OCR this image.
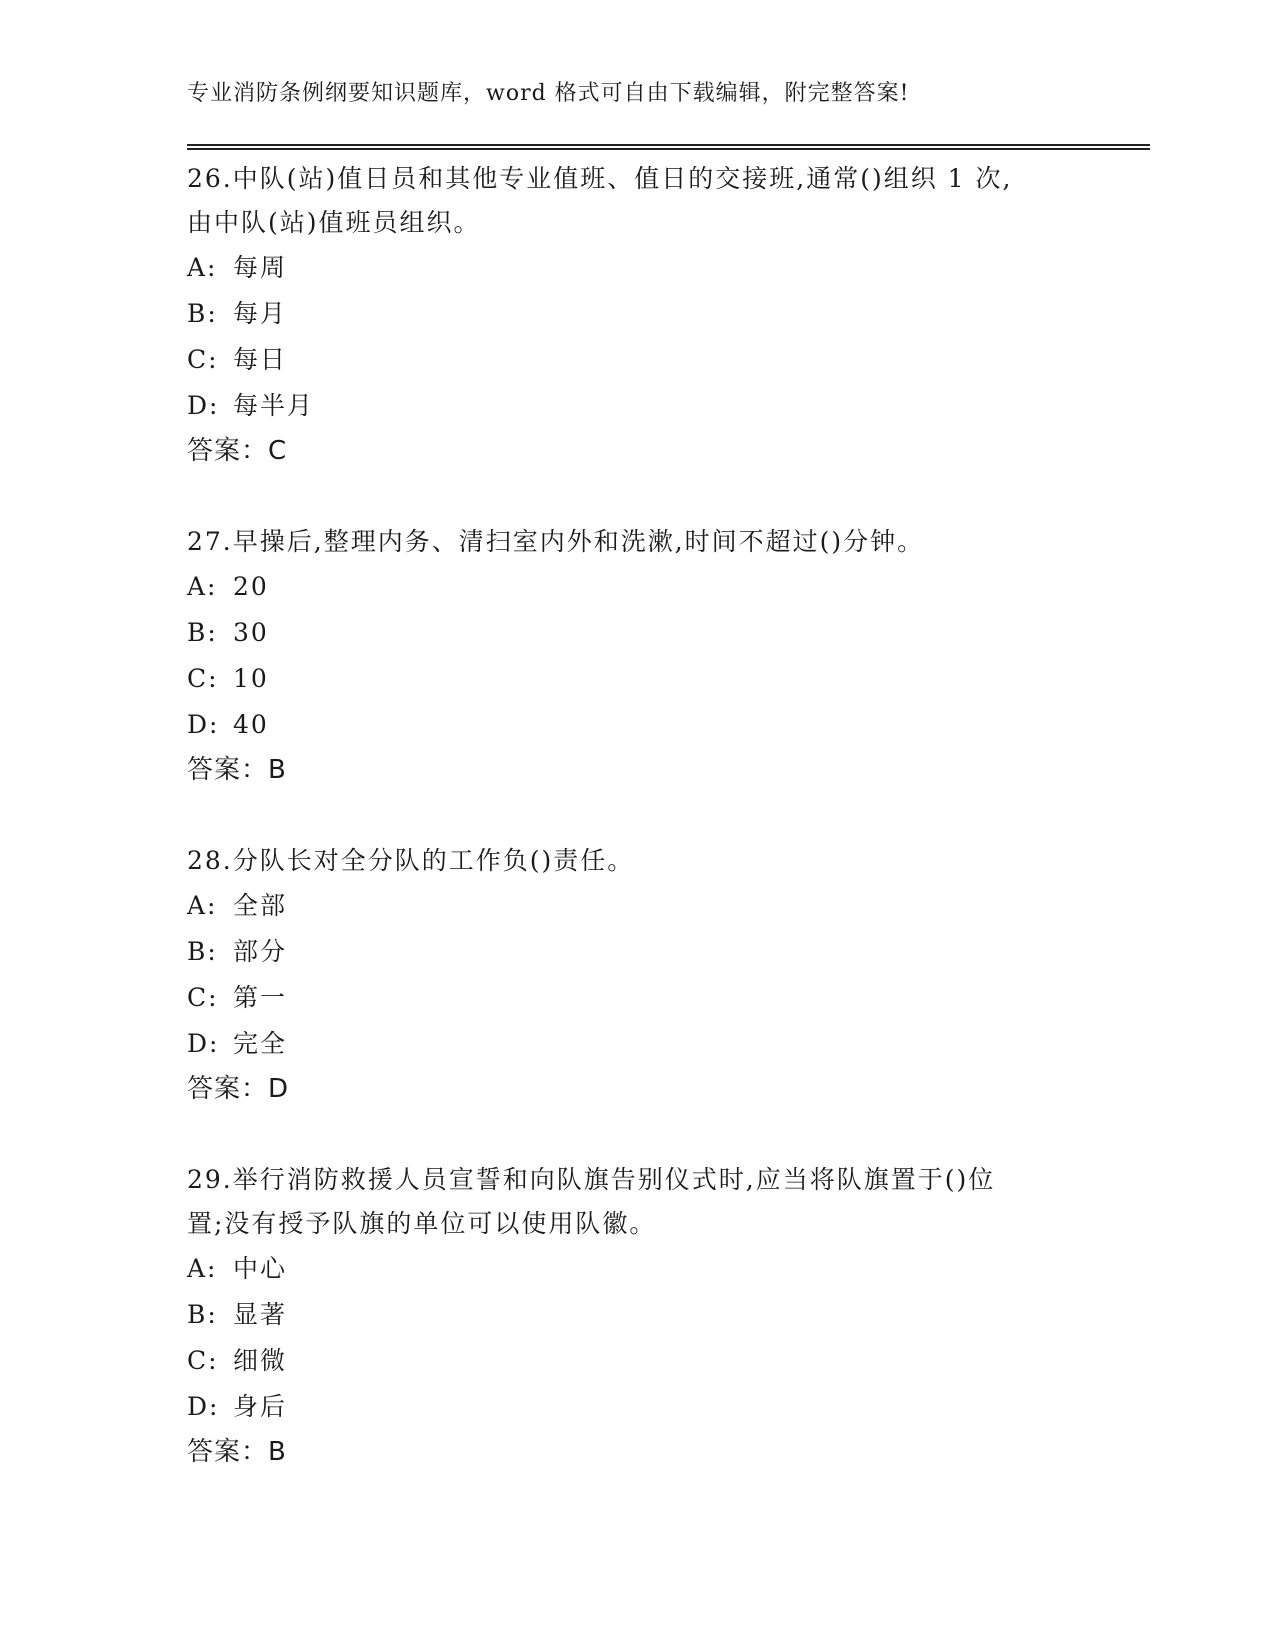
专业消防条例纲要知识题库，word 格式可自由下载编辑，附完整答案!
26.中队(站)值日员和其他专业值班、值日的交接班,通常()组织 1 次,
由中队(站)值班员组织。
A: 每周
B: 每月
C: 每日
D: 每半月
答案：C
27.早操后,整理内务、清扫室内外和洗漱,时间不超过()分钟。
A: 20
B: 30
C: 10
D: 40
答案：B
28.分队长对全分队的工作负()责任。
A: 全部
B: 部分
C: 第一
D: 完全
答案：D
29.举行消防救援人员宣誓和向队旗告别仪式时,应当将队旗置于()位
置;没有授予队旗的单位可以使用队徽。
A: 中心
B: 显著
C: 细微
D: 身后
答案：B
